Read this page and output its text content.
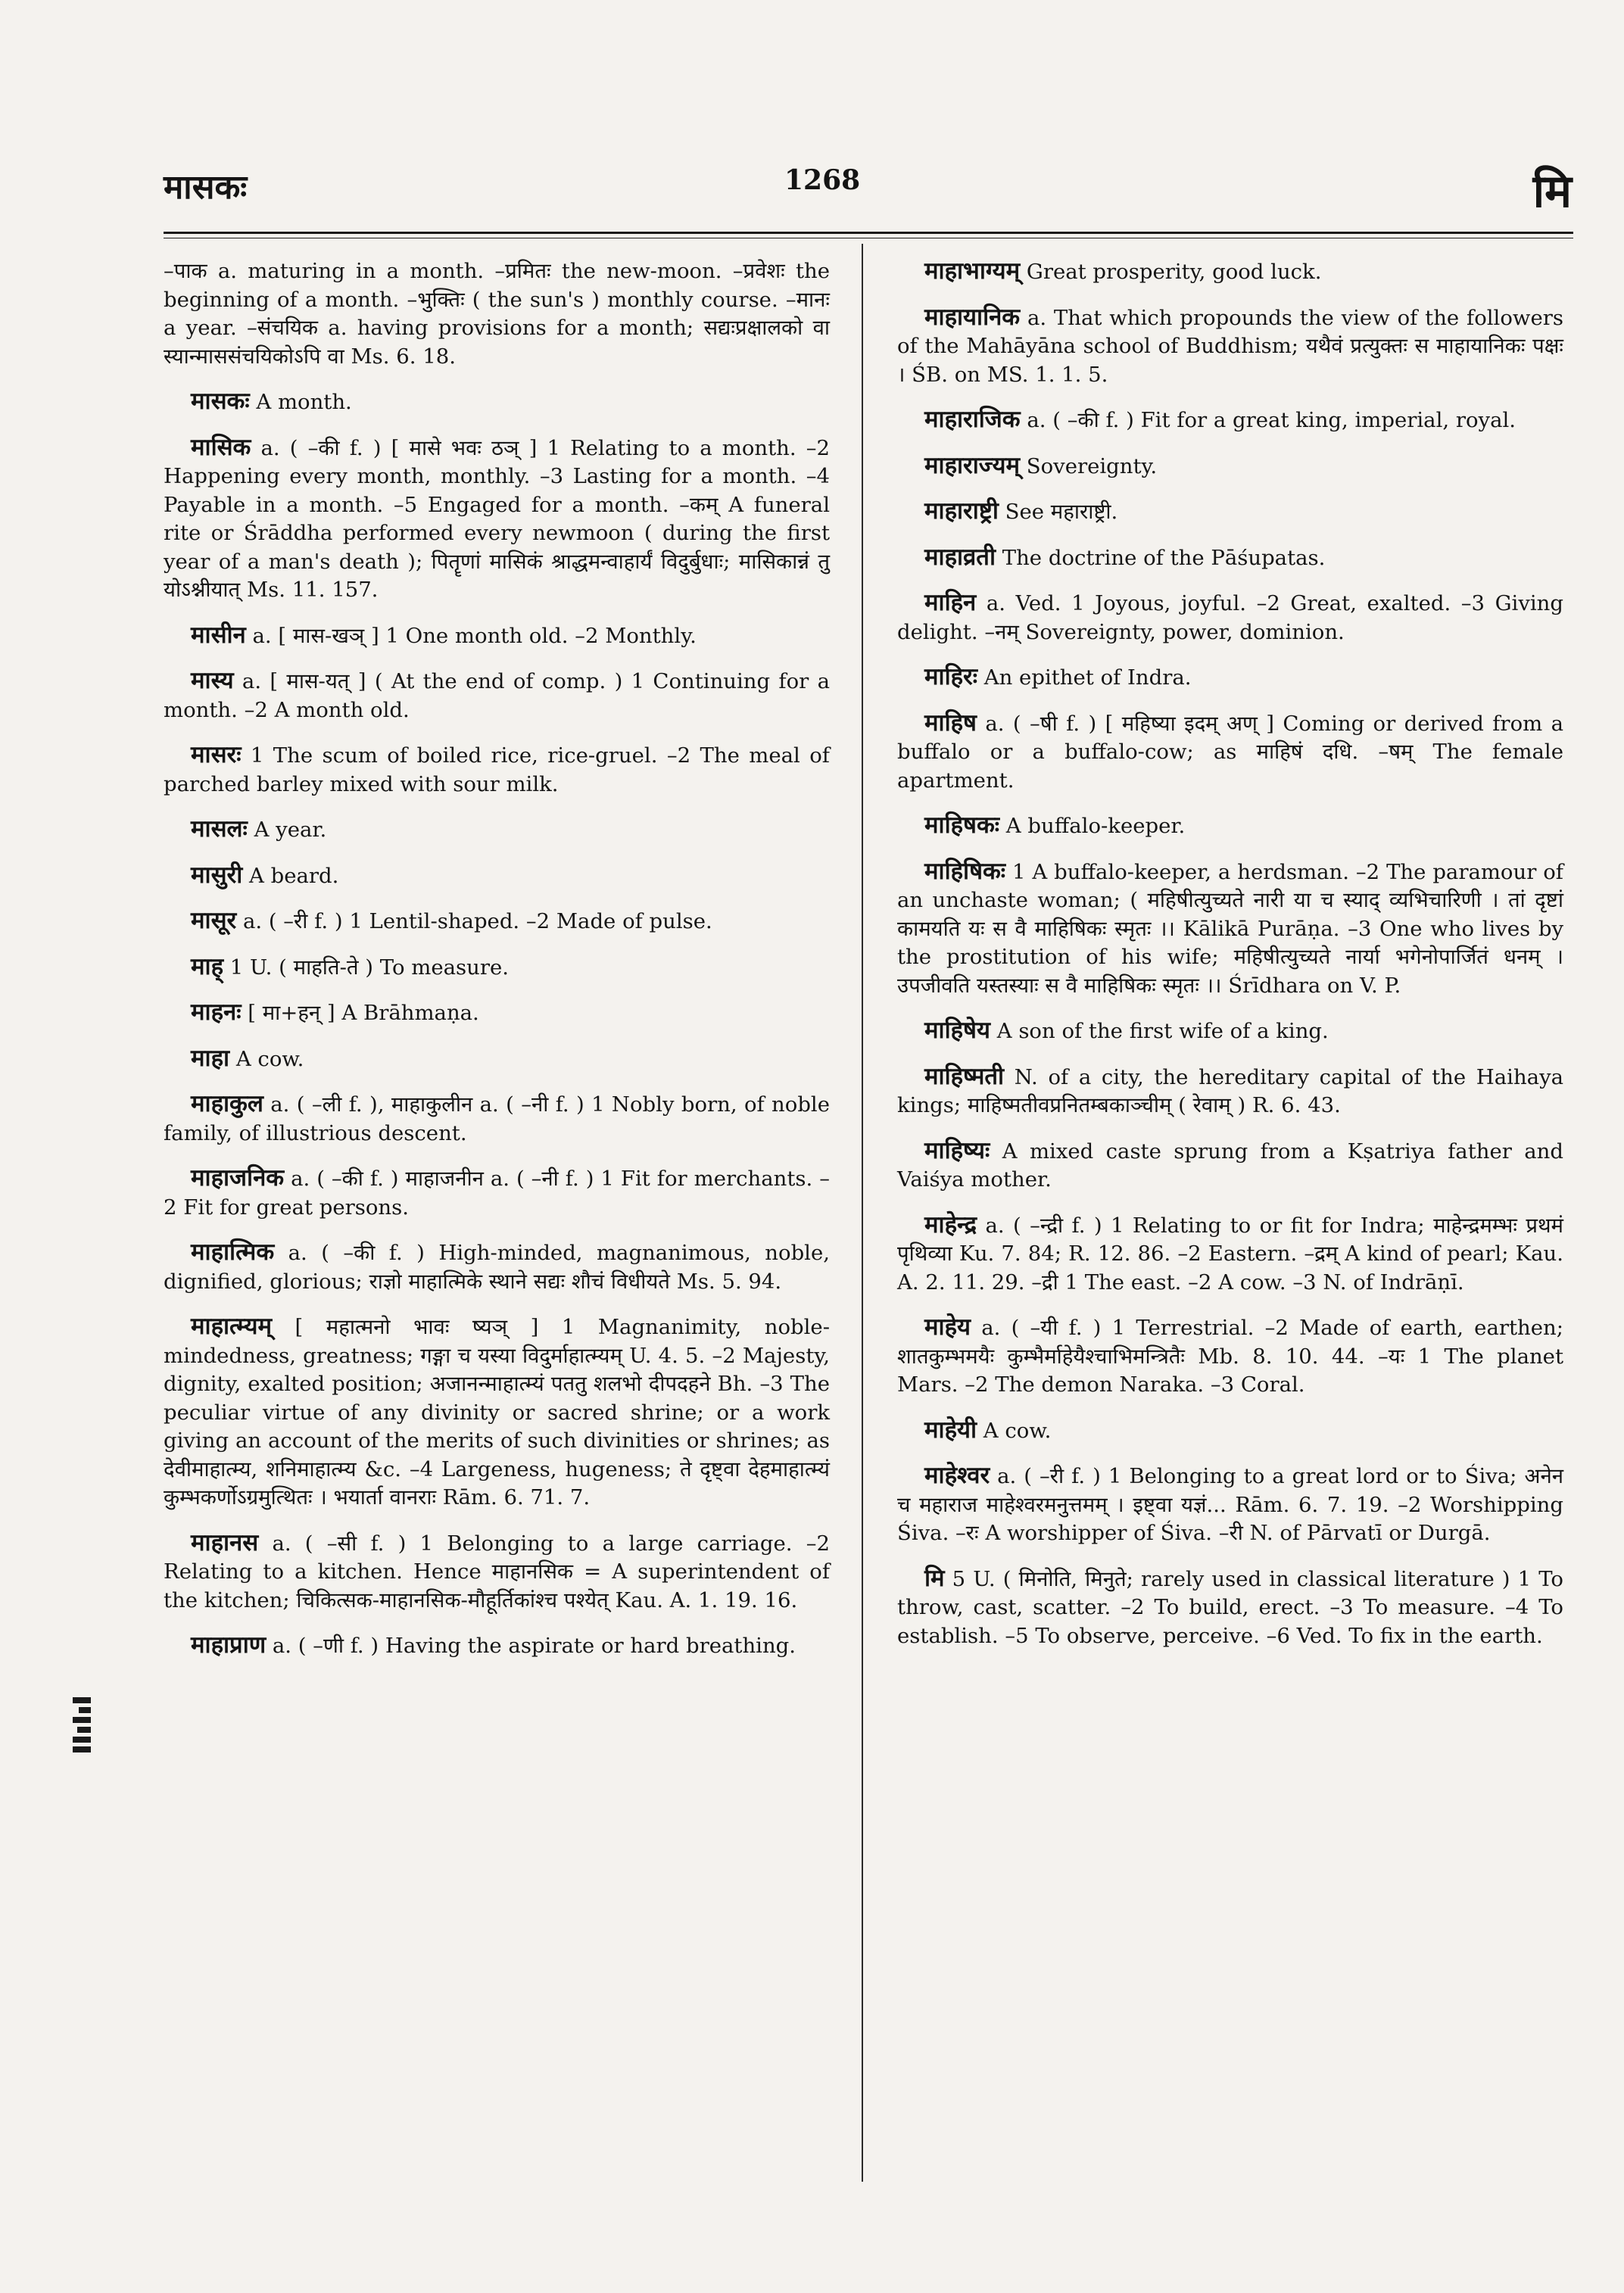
मासकः	1268	मि

–पाक a. maturing in a month. –प्रमितः the new-moon. –प्रवेशः the beginning of a month. –भुक्तिः ( the sun's ) monthly course. –मानः a year. –संचयिक a. having provisions for a month; सद्यःप्रक्षालको वा स्यान्माससंचयिकोऽपि वा Ms. 6. 18.

मासकः A month.

मासिक a. ( –की f. ) [ मासे भवः ठञ् ] 1 Relating to a month. –2 Happening every month, monthly. –3 Lasting for a month. –4 Payable in a month. –5 Engaged for a month. –कम् A funeral rite or Śrāddha performed every newmoon ( during the first year of a man's death ); पितॄणां मासिकं श्राद्धमन्वाहार्यं विदुर्बुधाः; मासिकान्नं तु योऽश्नीयात् Ms. 11. 157.

मासीन a. [ मास-खञ् ] 1 One month old. –2 Monthly.

मास्य a. [ मास-यत् ] ( At the end of comp. ) 1 Continuing for a month. –2 A month old.

मासरः 1 The scum of boiled rice, rice-gruel. –2 The meal of parched barley mixed with sour milk.

मासलः A year.

मासुरी A beard.

मासूर a. ( –री f. ) 1 Lentil-shaped. –2 Made of pulse.

माह् 1 U. ( माहति-ते ) To measure.

माहनः [ मा+हन् ] A Brāhmaṇa.

माहा A cow.

माहाकुल a. ( –ली f. ), माहाकुलीन a. ( –नी f. ) 1 Nobly born, of noble family, of illustrious descent.

माहाजनिक a. ( –की f. ) माहाजनीन a. ( –नी f. ) 1 Fit for merchants. –2 Fit for great persons.

माहात्मिक a. ( –की f. ) High-minded, magnanimous, noble, dignified, glorious; राज्ञो माहात्मिके स्थाने सद्यः शौचं विधीयते Ms. 5. 94.

माहात्म्यम् [ महात्मनो भावः ष्यञ् ] 1 Magnanimity, noble-mindedness, greatness; गङ्गा च यस्या विदुर्माहात्म्यम् U. 4. 5. –2 Majesty, dignity, exalted position; अजानन्माहात्म्यं पततु शलभो दीपदहने Bh. –3 The peculiar virtue of any divinity or sacred shrine; or a work giving an account of the merits of such divinities or shrines; as देवीमाहात्म्य, शनिमाहात्म्य &c. –4 Largeness, hugeness; ते दृष्ट्वा देहमाहात्म्यं कुम्भकर्णोऽग्रमुत्थितः । भयार्ता वानराः Rām. 6. 71. 7.

माहानस a. ( –सी f. ) 1 Belonging to a large carriage. –2 Relating to a kitchen. Hence माहानसिक = A superintendent of the kitchen; चिकित्सक-माहानसिक-मौहूर्तिकांश्च पश्येत् Kau. A. 1. 19. 16.

माहाप्राण a. ( –णी f. ) Having the aspirate or hard breathing.

माहाभाग्यम् Great prosperity, good luck.

माहायानिक a. That which propounds the view of the followers of the Mahāyāna school of Buddhism; यथैवं प्रत्युक्तः स माहायानिकः पक्षः । ŚB. on MS. 1. 1. 5.

माहाराजिक a. ( –की f. ) Fit for a great king, imperial, royal.

माहाराज्यम् Sovereignty.

माहाराष्ट्री See महाराष्ट्री.

माहाव्रती The doctrine of the Pāśupatas.

माहिन a. Ved. 1 Joyous, joyful. –2 Great, exalted. –3 Giving delight. –नम् Sovereignty, power, dominion.

माहिरः An epithet of Indra.

माहिष a. ( –षी f. ) [ महिष्या इदम् अण् ] Coming or derived from a buffalo or a buffalo-cow; as माहिषं दधि. –षम् The female apartment.

माहिषकः A buffalo-keeper.

माहिषिकः 1 A buffalo-keeper, a herdsman. –2 The paramour of an unchaste woman; ( महिषीत्युच्यते नारी या च स्याद् व्यभिचारिणी । तां दृष्टां कामयति यः स वै माहिषिकः स्मृतः ।। Kālikā Purāṇa. –3 One who lives by the prostitution of his wife; महिषीत्युच्यते नार्या भगेनोपार्जितं धनम् । उपजीवति यस्तस्याः स वै माहिषिकः स्मृतः ।। Śrīdhara on V. P.

माहिषेय A son of the first wife of a king.

माहिष्मती N. of a city, the hereditary capital of the Haihaya kings; माहिष्मतीवप्रनितम्बकाञ्चीम् ( रेवाम् ) R. 6. 43.

माहिष्यः A mixed caste sprung from a Kṣatriya father and Vaiśya mother.

माहेन्द्र a. ( –न्द्री f. ) 1 Relating to or fit for Indra; माहेन्द्रमम्भः प्रथमं पृथिव्या Ku. 7. 84; R. 12. 86. –2 Eastern. –द्रम् A kind of pearl; Kau. A. 2. 11. 29. –द्री 1 The east. –2 A cow. –3 N. of Indrāṇī.

माहेय a. ( –यी f. ) 1 Terrestrial. –2 Made of earth, earthen; शातकुम्भमयैः कुम्भैर्माहेयैश्चाभिमन्त्रितैः Mb. 8. 10. 44. –यः 1 The planet Mars. –2 The demon Naraka. –3 Coral.

माहेयी A cow.

माहेश्वर a. ( –री f. ) 1 Belonging to a great lord or to Śiva; अनेन च महाराज माहेश्वरमनुत्तमम् । इष्ट्वा यज्ञं... Rām. 6. 7. 19. –2 Worshipping Śiva. –रः A worshipper of Śiva. –री N. of Pārvatī or Durgā.

मि 5 U. ( मिनोति, मिनुते; rarely used in classical literature ) 1 To throw, cast, scatter. –2 To build, erect. –3 To measure. –4 To establish. –5 To observe, perceive. –6 Ved. To fix in the earth.
